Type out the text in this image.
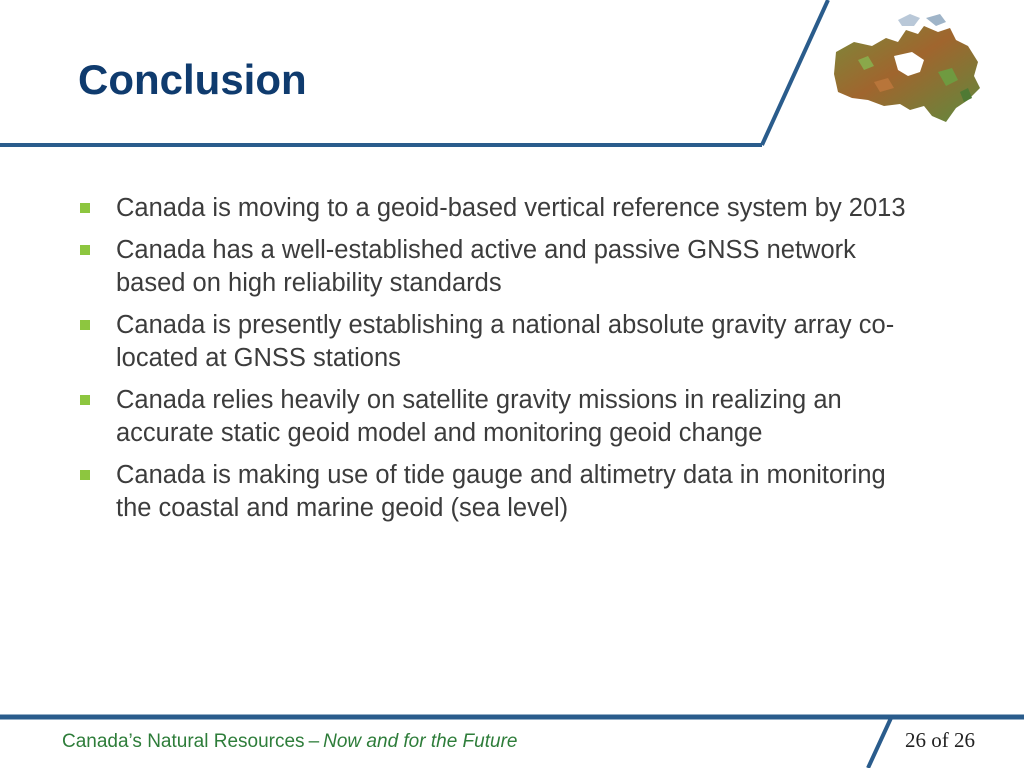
Conclusion
Canada is moving to a geoid-based vertical reference system by 2013
Canada has a well-established active and passive GNSS network based on high reliability standards
Canada is presently establishing a national absolute gravity array co-located at GNSS stations
Canada relies heavily on satellite gravity missions in realizing an accurate static geoid model and monitoring geoid change
Canada is making use of tide gauge and altimetry data in monitoring the coastal and marine geoid (sea level)
Canada’s Natural Resources – Now and for the Future	26 of 26
